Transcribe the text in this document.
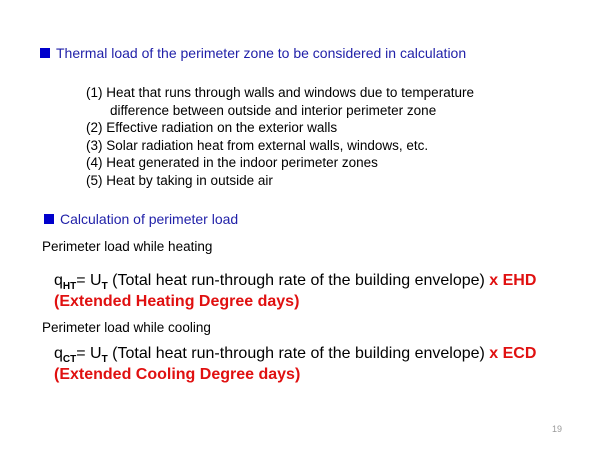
Thermal load of the perimeter zone to be considered in calculation
(1) Heat that runs through walls and windows due to temperature
difference between outside and interior perimeter zone
(2) Effective radiation on the exterior walls
(3) Solar radiation heat from external walls, windows, etc.
(4) Heat generated in the indoor perimeter zones
(5) Heat by taking in outside air
Calculation of perimeter load
Perimeter load while heating
$q_{HT}= U_T$ (Total heat run-through rate of the building envelope) x EHD
(Extended Heating Degree days)
Perimeter load while cooling
$q_{CT}= U_T$ (Total heat run-through rate of the building envelope) x ECD
(Extended Cooling Degree days)
19
